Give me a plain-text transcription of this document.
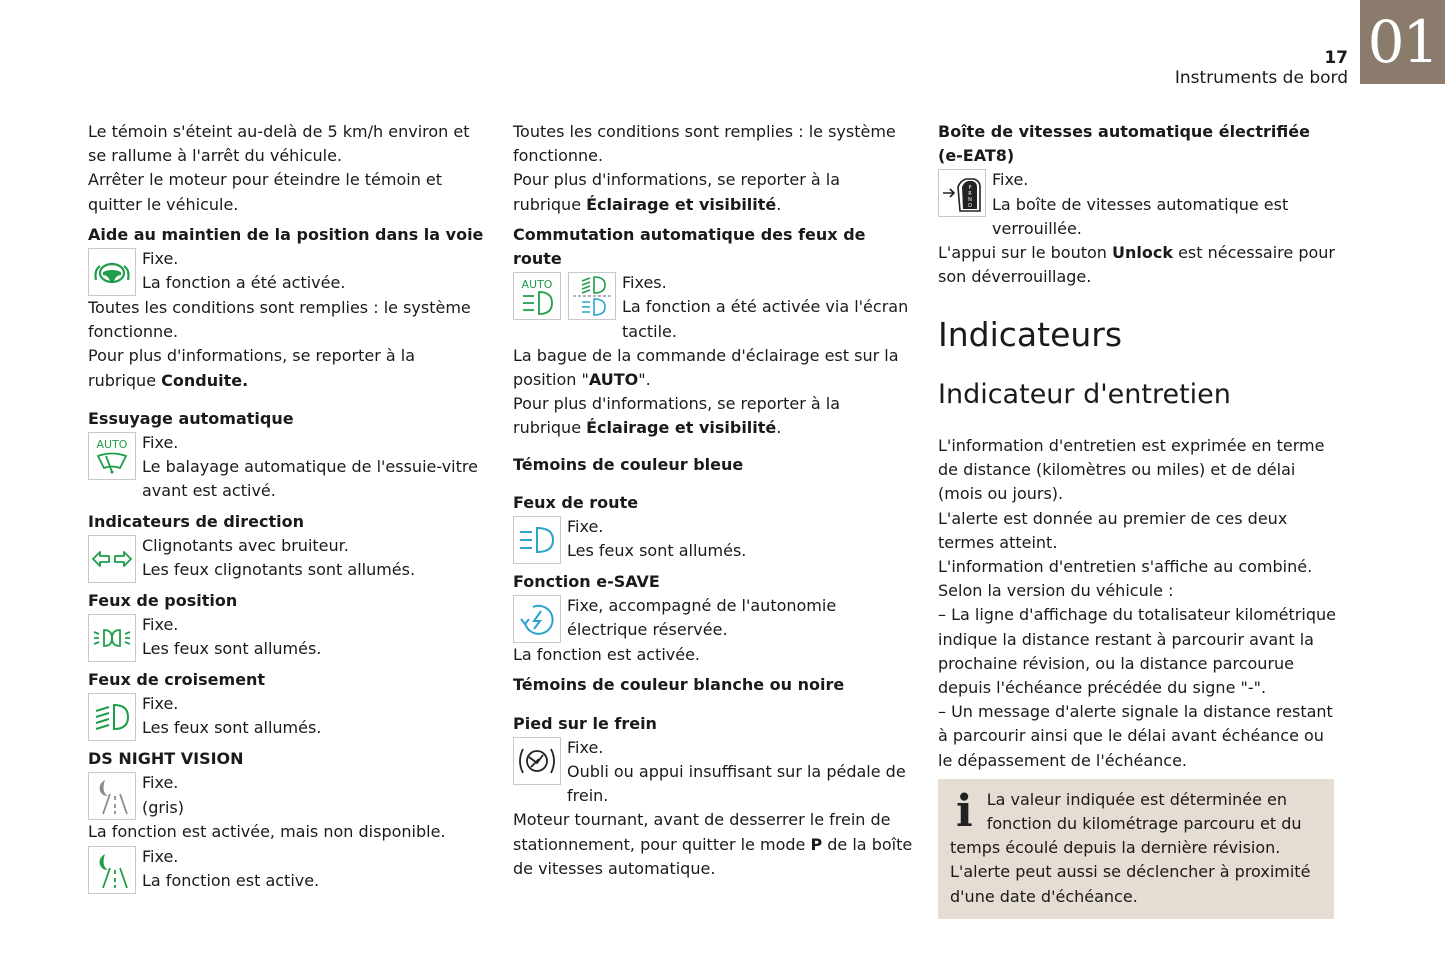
01
17
Instruments de bord

Le témoin s'éteint au-delà de 5 km/h environ et se rallume à l'arrêt du véhicule.

Arrêter le moteur pour éteindre le témoin et quitter le véhicule.

Aide au maintien de la position dans la voie

Fixe.

La fonction a été activée.

Toutes les conditions sont remplies : le système fonctionne.

Pour plus d'informations, se reporter à la rubrique Conduite.

Essuyage automatique

AUTO Fixe.

Le balayage automatique de l'essuie-vitre avant est activé.

Indicateurs de direction

Clignotants avec bruiteur.

Les feux clignotants sont allumés.

Feux de position

Fixe.

Les feux sont allumés.

Feux de croisement

Fixe.

Les feux sont allumés.

DS NIGHT VISION

Fixe.

(gris)

La fonction est activée, mais non disponible.

Fixe.

La fonction est active.

Toutes les conditions sont remplies : le système fonctionne.

Pour plus d'informations, se reporter à la rubrique Éclairage et visibilité.

Commutation automatique des feux de route

AUTO	Fixes.

La fonction a été activée via l'écran tactile.

La bague de la commande d'éclairage est sur la position "AUTO".

Pour plus d'informations, se reporter à la rubrique Éclairage et visibilité.

Témoins de couleur bleue

Feux de route

Fixe.

Les feux sont allumés.

Fonction e-SAVE

Fixe, accompagné de l'autonomie électrique réservée.

La fonction est activée.

Témoins de couleur blanche ou noire

Pied sur le frein

Fixe.

Oubli ou appui insuffisant sur la pédale de frein.

Moteur tournant, avant de desserrer le frein de stationnement, pour quitter le mode P de la boîte de vitesses automatique.

Boîte de vitesses automatique électrifiée (e-EAT8)

P
R
N
D

Fixe.

La boîte de vitesses automatique est verrouillée.

L'appui sur le bouton Unlock est nécessaire pour son déverrouillage.

Indicateurs
Indicateur d'entretien

L'information d'entretien est exprimée en terme de distance (kilomètres ou miles) et de délai (mois ou jours).

L'alerte est donnée au premier de ces deux termes atteint.

L'information d'entretien s'affiche au combiné.

Selon la version du véhicule :

– La ligne d'affichage du totalisateur kilométrique indique la distance restant à parcourir avant la prochaine révision, ou la distance parcourue depuis l'échéance précédée du signe "-".

– Un message d'alerte signale la distance restant à parcourir ainsi que le délai avant échéance ou le dépassement de l'échéance.

i La valeur indiquée est déterminée en fonction du kilométrage parcouru et du temps écoulé depuis la dernière révision.

L'alerte peut aussi se déclencher à proximité d'une date d'échéance.
